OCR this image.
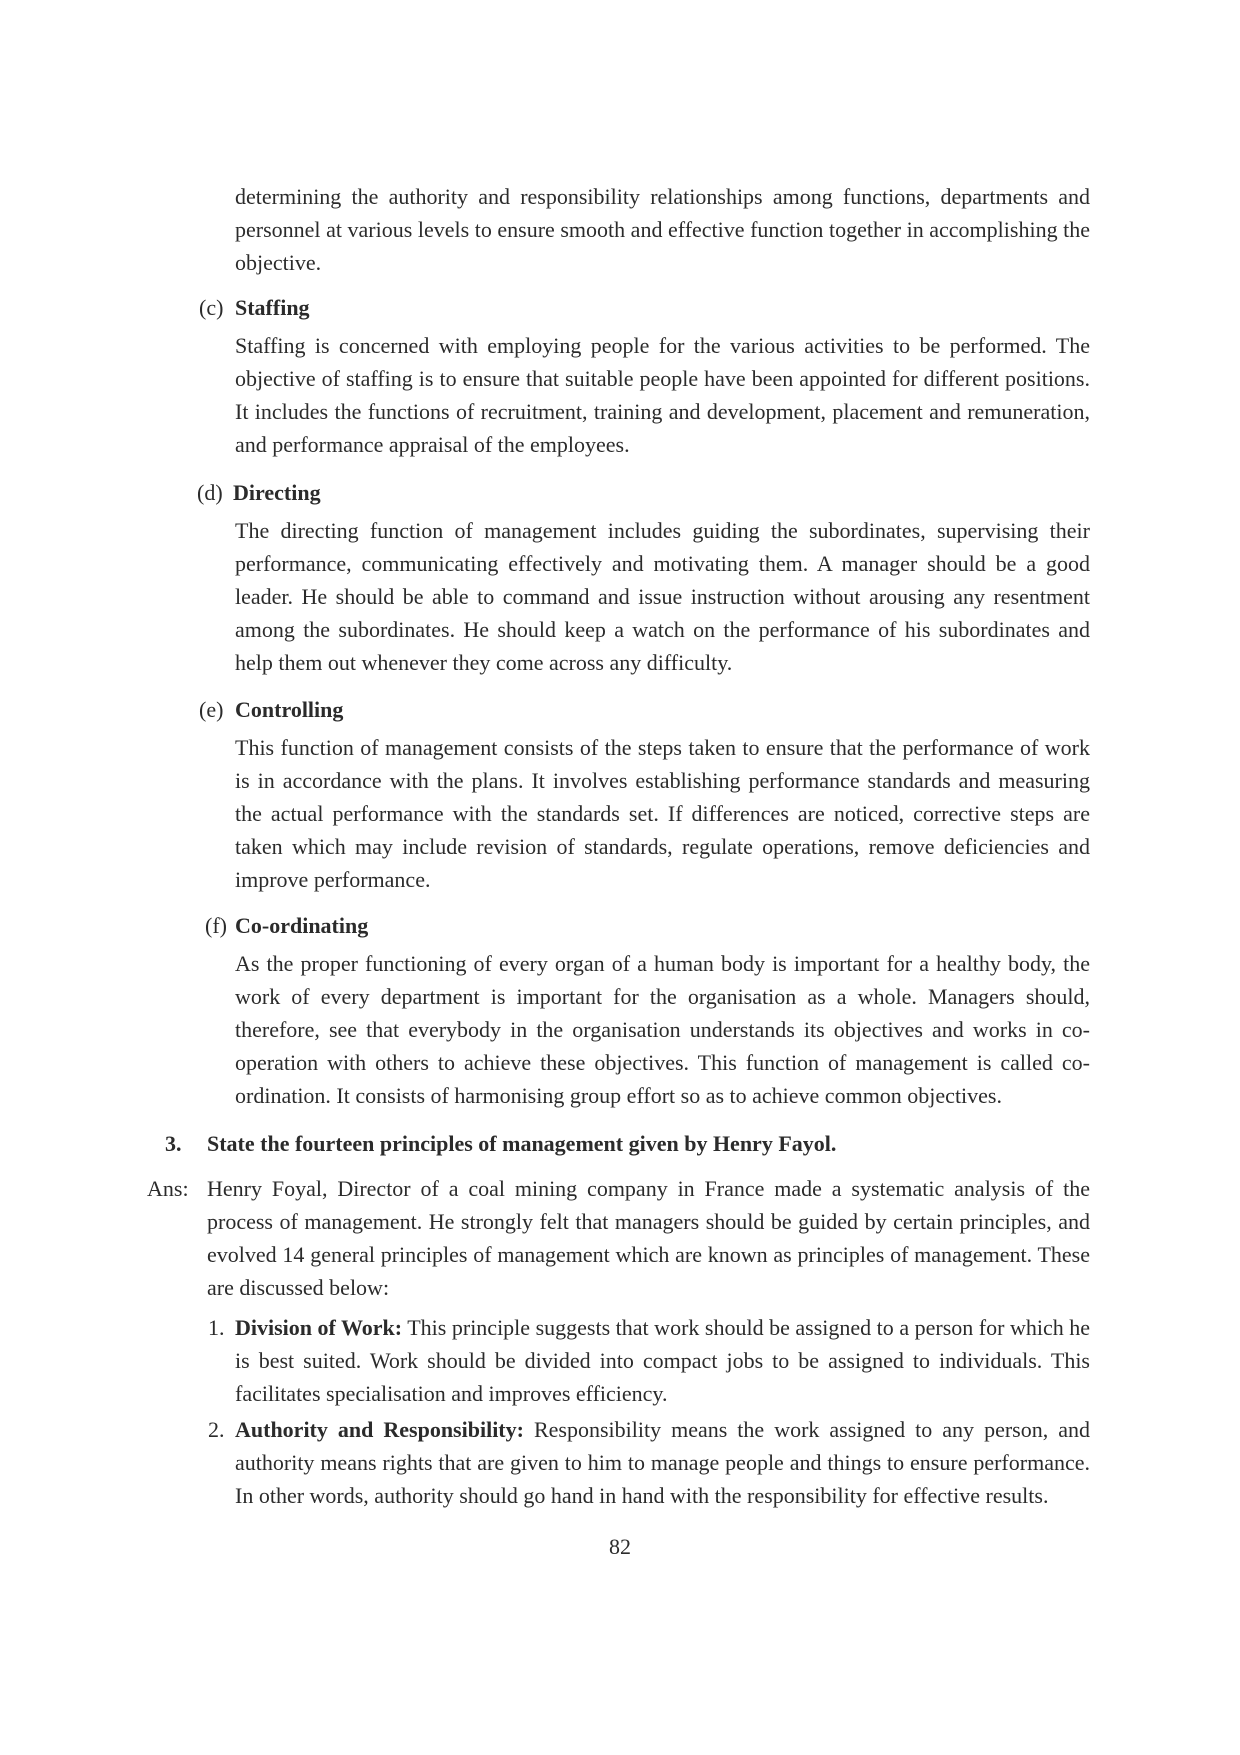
determining the authority and responsibility relationships among functions, departments and personnel at various levels to ensure smooth and effective function together in accomplishing the objective.

(c) Staffing

Staffing is concerned with employing people for the various activities to be performed. The objective of staffing is to ensure that suitable people have been appointed for different positions. It includes the functions of recruitment, training and development, placement and remuneration, and performance appraisal of the employees.

(d) Directing

The directing function of management includes guiding the subordinates, supervising their performance, communicating effectively and motivating them. A manager should be a good leader. He should be able to command and issue instruction without arousing any resentment among the subordinates. He should keep a watch on the performance of his subordinates and help them out whenever they come across any difficulty.

(e) Controlling

This function of management consists of the steps taken to ensure that the performance of work is in accordance with the plans. It involves establishing performance standards and measuring the actual performance with the standards set. If differences are noticed, corrective steps are taken which may include revision of standards, regulate operations, remove deficiencies and improve performance.

(f) Co-ordinating

As the proper functioning of every organ of a human body is important for a healthy body, the work of every department is important for the organisation as a whole. Managers should, therefore, see that everybody in the organisation understands its objectives and works in co-operation with others to achieve these objectives. This function of management is called co-ordination. It consists of harmonising group effort so as to achieve common objectives.

3. State the fourteen principles of management given by Henry Fayol.

Ans: Henry Foyal, Director of a coal mining company in France made a systematic analysis of the process of management. He strongly felt that managers should be guided by certain principles, and evolved 14 general principles of management which are known as principles of management. These are discussed below:

1. Division of Work: This principle suggests that work should be assigned to a person for which he is best suited. Work should be divided into compact jobs to be assigned to individuals. This facilitates specialisation and improves efficiency.

2. Authority and Responsibility: Responsibility means the work assigned to any person, and authority means rights that are given to him to manage people and things to ensure performance. In other words, authority should go hand in hand with the responsibility for effective results.

82
